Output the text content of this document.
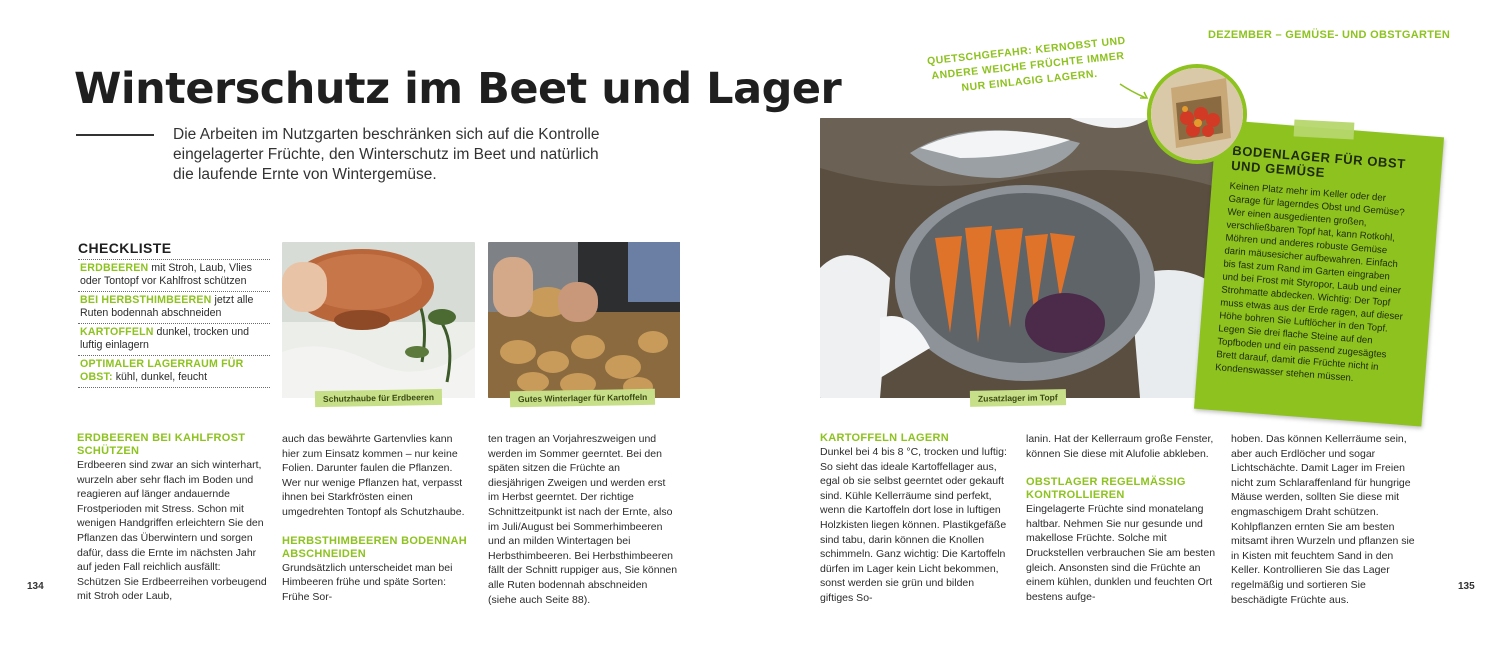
Winterschutz im Beet und Lager
Die Arbeiten im Nutzgarten beschränken sich auf die Kontrolle eingelagerter Früchte, den Winterschutz im Beet und natürlich die laufende Ernte von Wintergemüse.
CHECKLISTE
ERDBEEREN mit Stroh, Laub, Vlies oder Tontopf vor Kahlfrost schützen
BEI HERBSTHIMBEEREN jetzt alle Ruten bodennah abschneiden
KARTOFFELN dunkel, trocken und luftig einlagern
OPTIMALER LAGERRAUM FÜR OBST: kühl, dunkel, feucht
Schutzhaube für Erdbeeren	Gutes Winterlager für Kartoffeln
ERDBEEREN BEI KAHLFROST SCHÜTZEN

Erdbeeren sind zwar an sich winterhart, wurzeln aber sehr flach im Boden und reagieren auf länger andauernde Frostperioden mit Stress. Schon mit wenigen Handgriffen erleichtern Sie den Pflanzen das Überwintern und sorgen dafür, dass die Ernte im nächsten Jahr auf jeden Fall reichlich ausfällt: Schützen Sie Erdbeerreihen vorbeugend mit Stroh oder Laub,

auch das bewährte Gartenvlies kann hier zum Einsatz kommen – nur keine Folien. Darunter faulen die Pflanzen. Wer nur wenige Pflanzen hat, verpasst ihnen bei Starkfrösten einen umgedrehten Tontopf als Schutzhaube.

HERBSTHIMBEEREN BODENNAH ABSCHNEIDEN

Grundsätzlich unterscheidet man bei Himbeeren frühe und späte Sorten: Frühe Sor-

ten tragen an Vorjahreszweigen und werden im Sommer geerntet. Bei den späten sitzen die Früchte an diesjährigen Zweigen und werden erst im Herbst geerntet. Der richtige Schnittzeitpunkt ist nach der Ernte, also im Juli/August bei Sommerhimbeeren und an milden Wintertagen bei Herbsthimbeeren. Bei Herbsthimbeeren fällt der Schnitt ruppiger aus, Sie können alle Ruten bodennah abschneiden (siehe auch Seite 88).

134
DEZEMBER – GEMÜSE- UND OBSTGARTEN
QUETSCHGEFAHR: KERNOBST UND ANDERE WEICHE FRÜCHTE IMMER NUR EINLAGIG LAGERN.
Zusatzlager im Topf
BODENLAGER FÜR OBST UND GEMÜSE
Keinen Platz mehr im Keller oder der Garage für lagerndes Obst und Gemüse? Wer einen ausgedienten großen, verschließbaren Topf hat, kann Rotkohl, Möhren und anderes robuste Gemüse darin mäusesicher aufbewahren. Einfach bis fast zum Rand im Garten eingraben und bei Frost mit Styropor, Laub und einer Strohmatte abdecken. Wichtig: Der Topf muss etwas aus der Erde ragen, auf dieser Höhe bohren Sie Luftlöcher in den Topf. Legen Sie drei flache Steine auf den Topfboden und ein passend zugesägtes Brett darauf, damit die Früchte nicht in Kondenswasser stehen müssen.
KARTOFFELN LAGERN

Dunkel bei 4 bis 8 °C, trocken und luftig: So sieht das ideale Kartoffellager aus, egal ob sie selbst geerntet oder gekauft sind. Kühle Kellerräume sind perfekt, wenn die Kartoffeln dort lose in luftigen Holzkisten liegen können. Plastikgefäße sind tabu, darin können die Knollen schimmeln. Ganz wichtig: Die Kartoffeln dürfen im Lager kein Licht bekommen, sonst werden sie grün und bilden giftiges So-

lanin. Hat der Kellerraum große Fenster, können Sie diese mit Alufolie abkleben.

OBSTLAGER REGELMÄSSIG KONTROLLIEREN

Eingelagerte Früchte sind monatelang haltbar. Nehmen Sie nur gesunde und makellose Früchte. Solche mit Druckstellen verbrauchen Sie am besten gleich. Ansonsten sind die Früchte an einem kühlen, dunklen und feuchten Ort bestens aufge-

hoben. Das können Kellerräume sein, aber auch Erdlöcher und sogar Lichtschächte. Damit Lager im Freien nicht zum Schlaraffenland für hungrige Mäuse werden, sollten Sie diese mit engmaschigem Draht schützen. Kohlpflanzen ernten Sie am besten mitsamt ihren Wurzeln und pflanzen sie in Kisten mit feuchtem Sand in den Keller. Kontrollieren Sie das Lager regelmäßig und sortieren Sie beschädigte Früchte aus.

135
